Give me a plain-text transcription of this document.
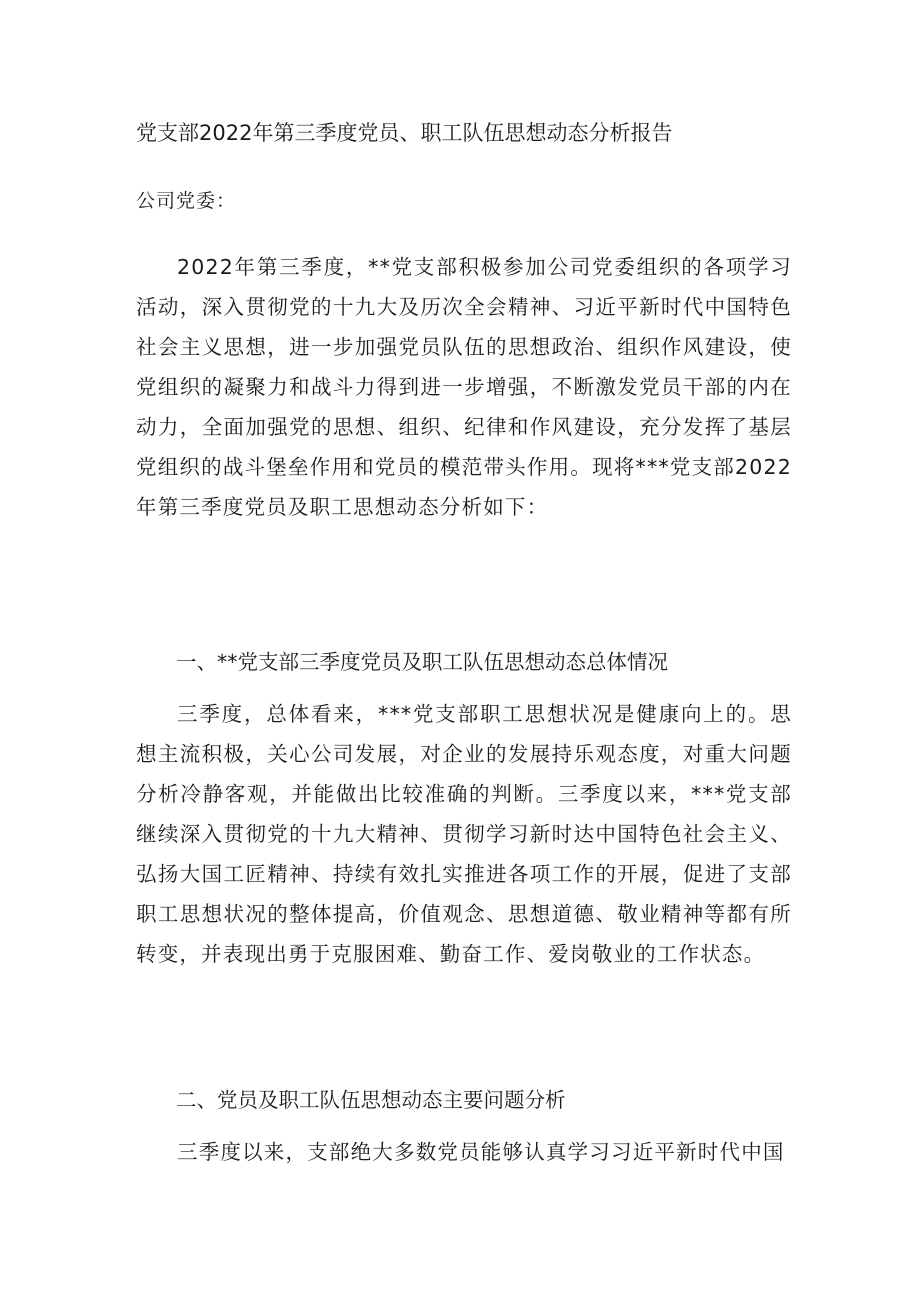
党支部2022年第三季度党员、职工队伍思想动态分析报告
公司党委：

2022年第三季度，**党支部积极参加公司党委组织的各项学习活动，深入贯彻党的十九大及历次全会精神、习近平新时代中国特色社会主义思想，进一步加强党员队伍的思想政治、组织作风建设，使党组织的凝聚力和战斗力得到进一步增强，不断激发党员干部的内在动力，全面加强党的思想、组织、纪律和作风建设，充分发挥了基层党组织的战斗堡垒作用和党员的模范带头作用。现将***党支部2022年第三季度党员及职工思想动态分析如下：

一、**党支部三季度党员及职工队伍思想动态总体情况

三季度，总体看来，***党支部职工思想状况是健康向上的。思想主流积极，关心公司发展，对企业的发展持乐观态度，对重大问题分析冷静客观，并能做出比较准确的判断。三季度以来，***党支部继续深入贯彻党的十九大精神、贯彻学习新时达中国特色社会主义、弘扬大国工匠精神、持续有效扎实推进各项工作的开展，促进了支部职工思想状况的整体提高，价值观念、思想道德、敬业精神等都有所转变，并表现出勇于克服困难、勤奋工作、爱岗敬业的工作状态。

二、党员及职工队伍思想动态主要问题分析

三季度以来，支部绝大多数党员能够认真学习习近平新时代中国
